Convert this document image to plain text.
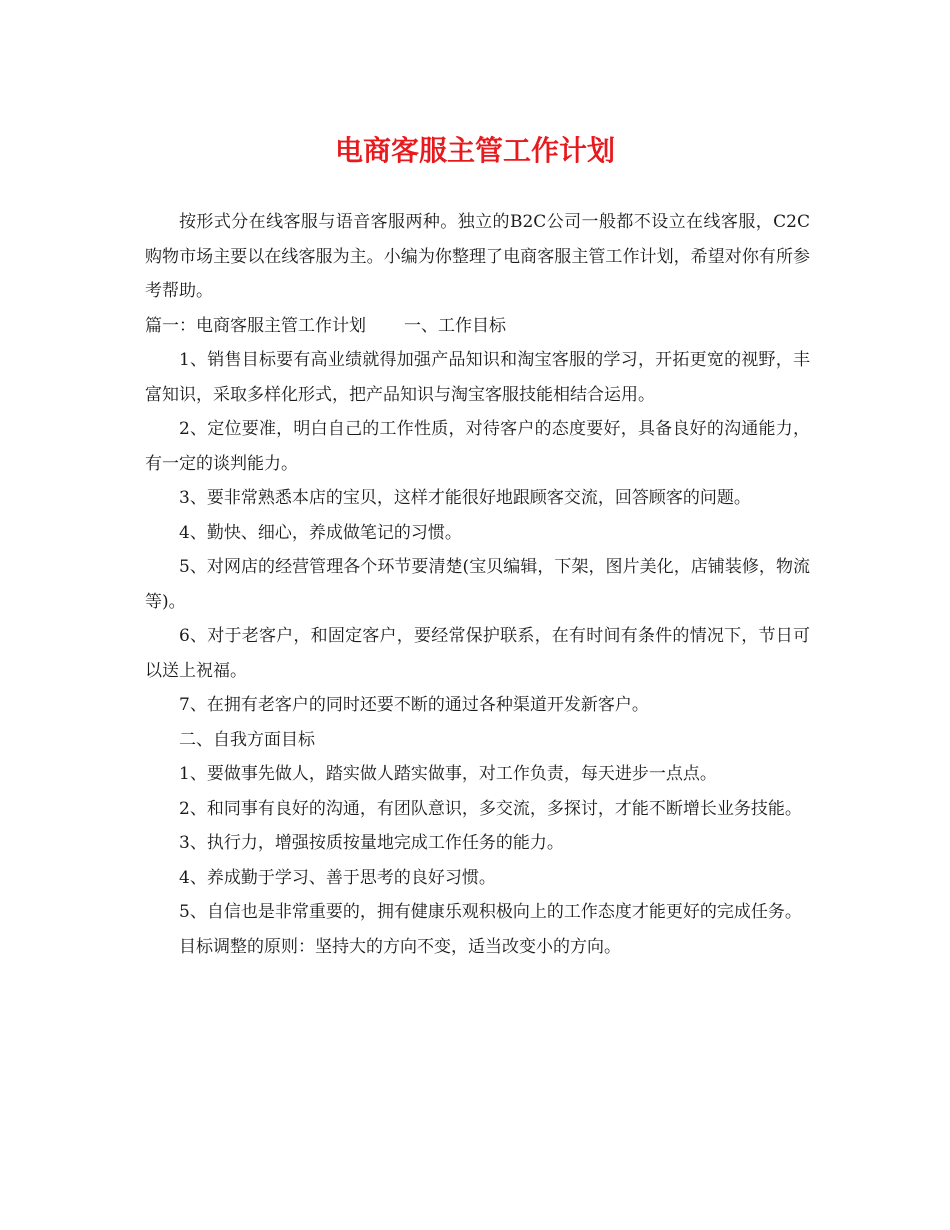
电商客服主管工作计划

按形式分在线客服与语音客服两种。独立的B2C公司一般都不设立在线客服，C2C购物市场主要以在线客服为主。小编为你整理了电商客服主管工作计划，希望对你有所参考帮助。

篇一：电商客服主管工作计划 一、工作目标

1、销售目标要有高业绩就得加强产品知识和淘宝客服的学习，开拓更宽的视野，丰富知识，采取多样化形式，把产品知识与淘宝客服技能相结合运用。

2、定位要准，明白自己的工作性质，对待客户的态度要好，具备良好的沟通能力，有一定的谈判能力。

3、要非常熟悉本店的宝贝，这样才能很好地跟顾客交流，回答顾客的问题。

4、勤快、细心，养成做笔记的习惯。

5、对网店的经营管理各个环节要清楚(宝贝编辑，下架，图片美化，店铺装修，物流等)。

6、对于老客户，和固定客户，要经常保护联系，在有时间有条件的情况下，节日可以送上祝福。

7、在拥有老客户的同时还要不断的通过各种渠道开发新客户。

二、自我方面目标

1、要做事先做人，踏实做人踏实做事，对工作负责，每天进步一点点。

2、和同事有良好的沟通，有团队意识，多交流，多探讨，才能不断增长业务技能。

3、执行力，增强按质按量地完成工作任务的能力。

4、养成勤于学习、善于思考的良好习惯。

5、自信也是非常重要的，拥有健康乐观积极向上的工作态度才能更好的完成任务。

目标调整的原则：坚持大的方向不变，适当改变小的方向。
